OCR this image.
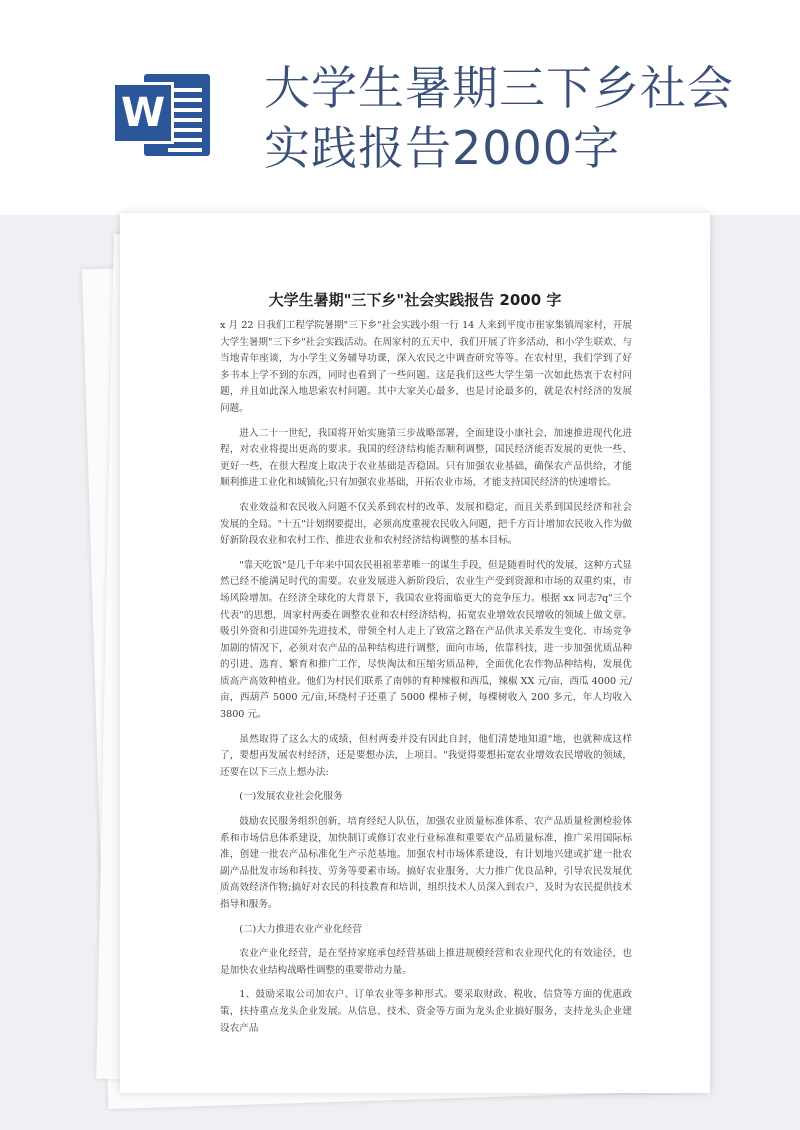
W 大学生暑期三下乡社会
实践报告2000字
大学生暑期"三下乡"社会实践报告 2000 字

x 月 22 日我们工程学院暑期"三下乡"社会实践小组一行 14 人来到平度市崔家集镇周家村，开展大学生暑期"三下乡"社会实践活动。在周家村的五天中，我们开展了许多活动，和小学生联欢、与当地青年座谈，为小学生义务辅导功课，深入农民之中调查研究等等。在农村里，我们学到了好多书本上学不到的东西，同时也看到了一些问题。这是我们这些大学生第一次如此热衷于农村问题，并且如此深入地思索农村问题。其中大家关心最多，也是讨论最多的，就是农村经济的发展问题。

进入二十一世纪，我国将开始实施第三步战略部署，全面建设小康社会，加速推进现代化进程，对农业将提出更高的要求。我国的经济结构能否顺利调整，国民经济能否发展的更快一些、更好一些，在很大程度上取决于农业基础是否稳固。只有加强农业基础，确保农产品供给，才能顺利推进工业化和城镇化;只有加强农业基础，开拓农业市场，才能支持国民经济的快速增长。

农业效益和农民收入问题不仅关系到农村的改革、发展和稳定，而且关系到国民经济和社会发展的全局。"十五"计划纲要提出，必须高度重视农民收入问题，把千方百计增加农民收入作为做好新阶段农业和农村工作、推进农业和农村经济结构调整的基本目标。

"靠天吃饭"是几千年来中国农民祖祖辈辈唯一的谋生手段，但是随着时代的发展，这种方式显然已经不能满足时代的需要。农业发展进入新阶段后，农业生产受到资源和市场的双重约束，市场风险增加。在经济全球化的大背景下，我国农业将面临更大的竞争压力。根据 xx 同志?q"三个代表"的思想，周家村两委在调整农业和农村经济结构，拓宽农业增效农民增收的领域上做文章。吸引外资和引进国外先进技术，带领全村人走上了致富之路在产品供求关系发生变化、市场竞争加剧的情况下，必须对农产品的品种结构进行调整，面向市场，依靠科技，进一步加强优质品种的引进、选育、繁育和推广工作，尽快淘汰和压缩劣质品种，全面优化农作物品种结构，发展优质高产高效种植业。他们为村民们联系了南韩的育种辣椒和西瓜，辣椒 XX 元/亩，西瓜 4000 元/亩，西葫芦 5000 元/亩,环绕村子还重了 5000 棵柿子树，每棵树收入 200 多元，年人均收入 3800 元。

虽然取得了这么大的成绩，但村两委并没有因此自封，他们清楚地知道"地，也就种成这样了，要想再发展农村经济，还是要想办法，上项目。"我觉得要想拓宽农业增效农民增收的领域，还要在以下三点上想办法:

(一)发展农业社会化服务

鼓励农民服务组织创新，培育经纪人队伍，加强农业质量标准体系、农产品质量检测检验体系和市场信息体系建设，加快制订或修订农业行业标准和重要农产品质量标准，推广采用国际标准，创建一批农产品标准化生产示范基地。加强农村市场体系建设，有计划地兴建或扩建一批农副产品批发市场和科技、劳务等要素市场。搞好农业服务，大力推广优良品种，引导农民发展优质高效经济作物;搞好对农民的科技教育和培训，组织技术人员深入到农户，及时为农民提供技术指导和服务。

(二)大力推进农业产业化经营

农业产业化经营，是在坚持家庭承包经营基础上推进规模经营和农业现代化的有效途径，也是加快农业结构战略性调整的重要带动力量。

1、鼓励采取公司加农户、订单农业等多种形式。要采取财政、税收、信贷等方面的优惠政策，扶持重点龙头企业发展。从信息、技术、资金等方面为龙头企业搞好服务，支持龙头企业建设农产品
